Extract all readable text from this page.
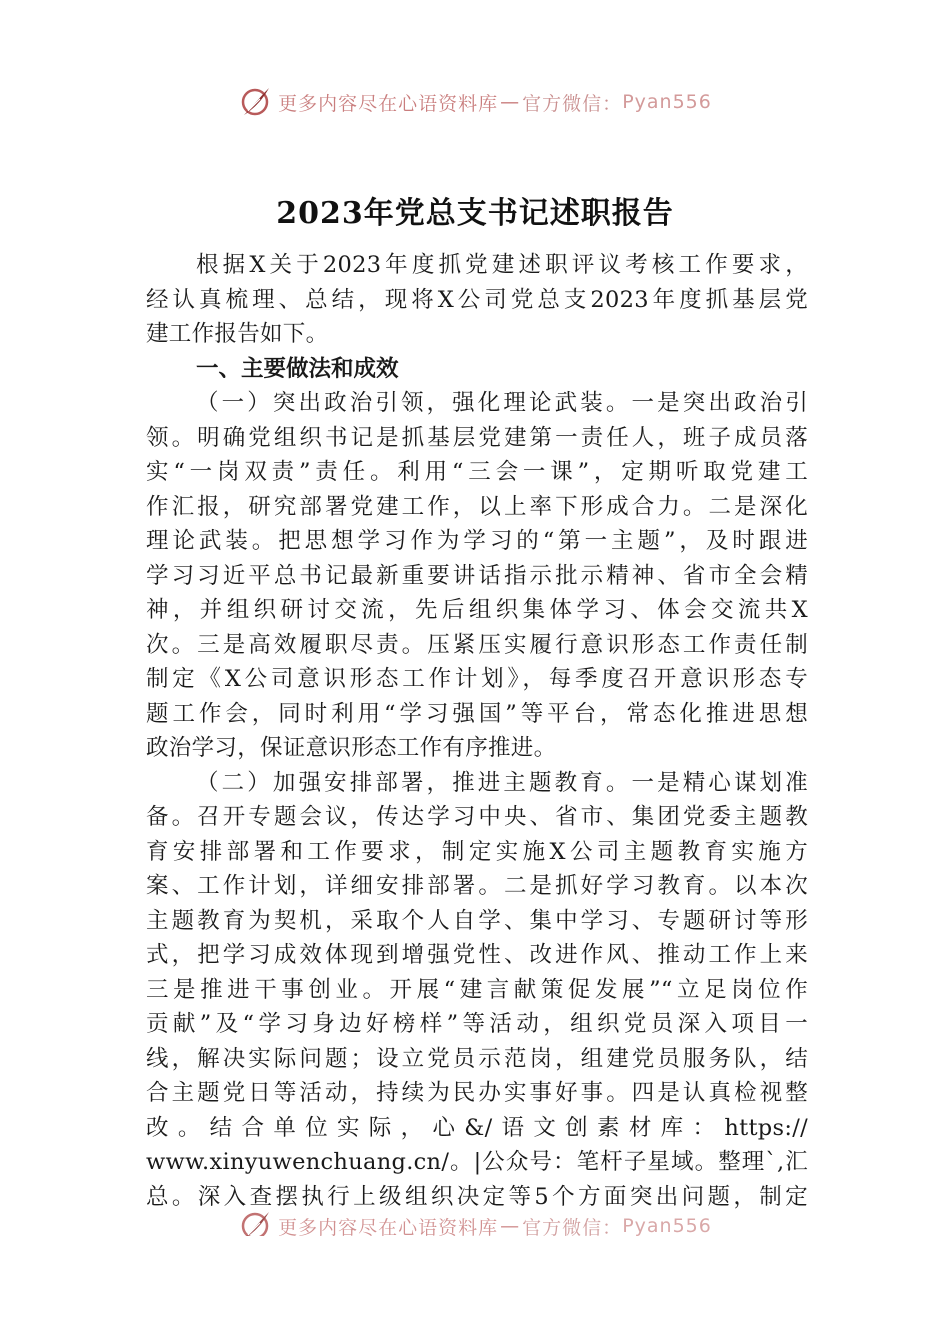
更多内容尽在心语资料库 — 官方微信： Pyan556
2023年党总支书记述职报告
根据X关于2023年度抓党建述职评议考核工作要求，
经认真梳理、总结，现将X公司党总支2023年度抓基层党
建工作报告如下。
一、主要做法和成效
（一）突出政治引领，强化理论武装。一是突出政治引
领。明确党组织书记是抓基层党建第一责任人，班子成员落
实“一岗双责”责任。利用“三会一课”，定期听取党建工
作汇报，研究部署党建工作，以上率下形成合力。二是深化
理论武装。把思想学习作为学习的“第一主题”，及时跟进
学习习近平总书记最新重要讲话指示批示精神、省市全会精
神，并组织研讨交流，先后组织集体学习、体会交流共X
次。三是高效履职尽责。压紧压实履行意识形态工作责任制
制定《X公司意识形态工作计划》，每季度召开意识形态专
题工作会，同时利用“学习强国”等平台，常态化推进思想
政治学习，保证意识形态工作有序推进。
（二）加强安排部署，推进主题教育。一是精心谋划准
备。召开专题会议，传达学习中央、省市、集团党委主题教
育安排部署和工作要求，制定实施X公司主题教育实施方
案、工作计划，详细安排部署。二是抓好学习教育。以本次
主题教育为契机，采取个人自学、集中学习、专题研讨等形
式，把学习成效体现到增强党性、改进作风、推动工作上来
三是推进干事创业。开展“建言献策促发展”“立足岗位作
贡献”及“学习身边好榜样”等活动，组织党员深入项目一
线，解决实际问题；设立党员示范岗，组建党员服务队，结
合主题党日等活动，持续为民办实事好事。四是认真检视整
改。结合单位实际，心&/语文创素材库：https://
www.xinyuwenchuang.cn/。|公众号：笔杆子星域。整理`,汇
总。深入查摆执行上级组织决定等5个方面突出问题，制定
更多内容尽在心语资料库 — 官方微信： Pyan556
